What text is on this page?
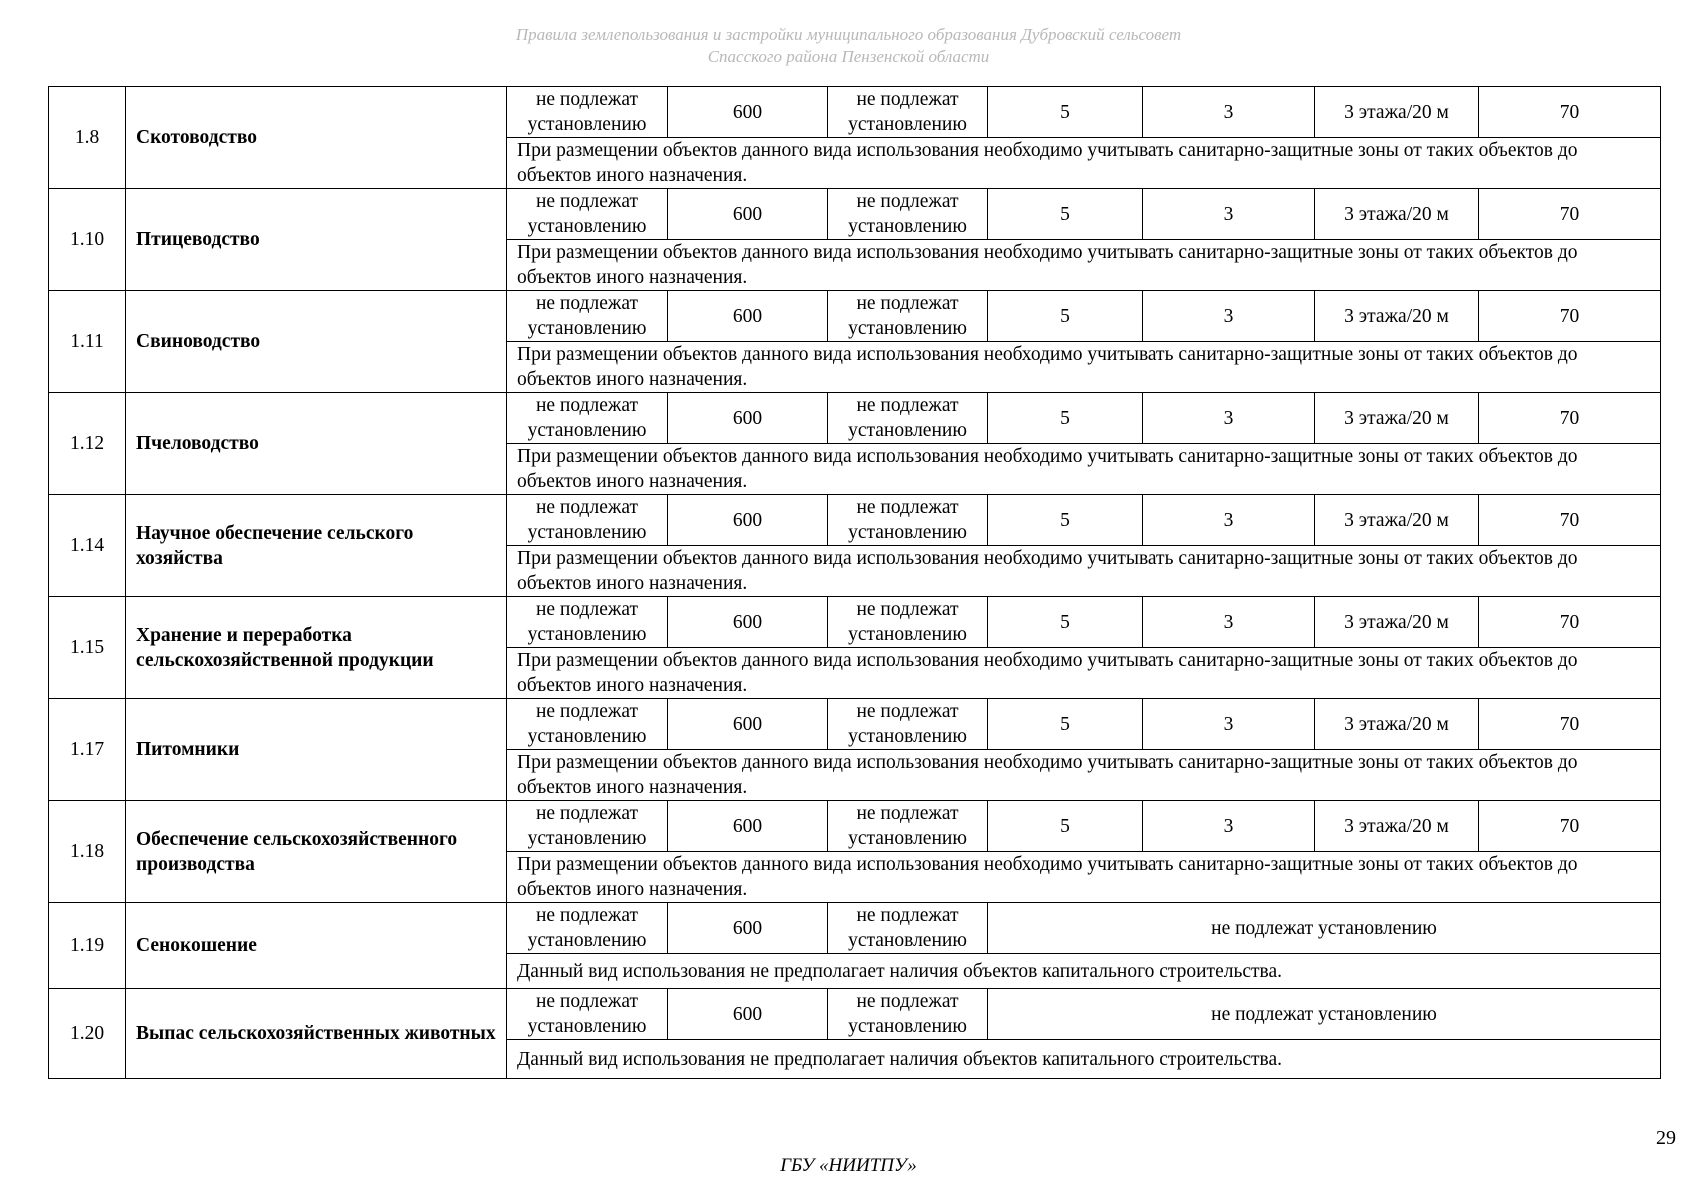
Правила землепользования и застройки муниципального образования Дубровский сельсовет
Спасского района Пензенской области
1.8	Скотоводство	не подлежат установлению	600	не подлежат установлению	5	3	3 этажа/20 м	70
		При размещении объектов данного вида использования необходимо учитывать санитарно-защитные зоны от таких объектов до объектов иного назначения.						
1.10	Птицеводство	не подлежат установлению	600	не подлежат установлению	5	3	3 этажа/20 м	70
		При размещении объектов данного вида использования необходимо учитывать санитарно-защитные зоны от таких объектов до объектов иного назначения.						
1.11	Свиноводство	не подлежат установлению	600	не подлежат установлению	5	3	3 этажа/20 м	70
		При размещении объектов данного вида использования необходимо учитывать санитарно-защитные зоны от таких объектов до объектов иного назначения.						
1.12	Пчеловодство	не подлежат установлению	600	не подлежат установлению	5	3	3 этажа/20 м	70
		При размещении объектов данного вида использования необходимо учитывать санитарно-защитные зоны от таких объектов до объектов иного назначения.						
1.14	Научное обеспечение сельского хозяйства	не подлежат установлению	600	не подлежат установлению	5	3	3 этажа/20 м	70
		При размещении объектов данного вида использования необходимо учитывать санитарно-защитные зоны от таких объектов до объектов иного назначения.						
1.15	Хранение и переработка сельскохозяйственной продукции	не подлежат установлению	600	не подлежат установлению	5	3	3 этажа/20 м	70
		При размещении объектов данного вида использования необходимо учитывать санитарно-защитные зоны от таких объектов до объектов иного назначения.						
1.17	Питомники	не подлежат установлению	600	не подлежат установлению	5	3	3 этажа/20 м	70
		При размещении объектов данного вида использования необходимо учитывать санитарно-защитные зоны от таких объектов до объектов иного назначения.						
1.18	Обеспечение сельскохозяйственного производства	не подлежат установлению	600	не подлежат установлению	5	3	3 этажа/20 м	70
		При размещении объектов данного вида использования необходимо учитывать санитарно-защитные зоны от таких объектов до объектов иного назначения.						
1.19	Сенокошение	не подлежат установлению	600	не подлежат установлению	не подлежат установлению			
		Данный вид использования не предполагает наличия объектов капитального строительства.						
1.20	Выпас сельскохозяйственных животных	не подлежат установлению	600	не подлежат установлению	не подлежат установлению			
		Данный вид использования не предполагает наличия объектов капитального строительства.						
29
ГБУ «НИИТПУ»
